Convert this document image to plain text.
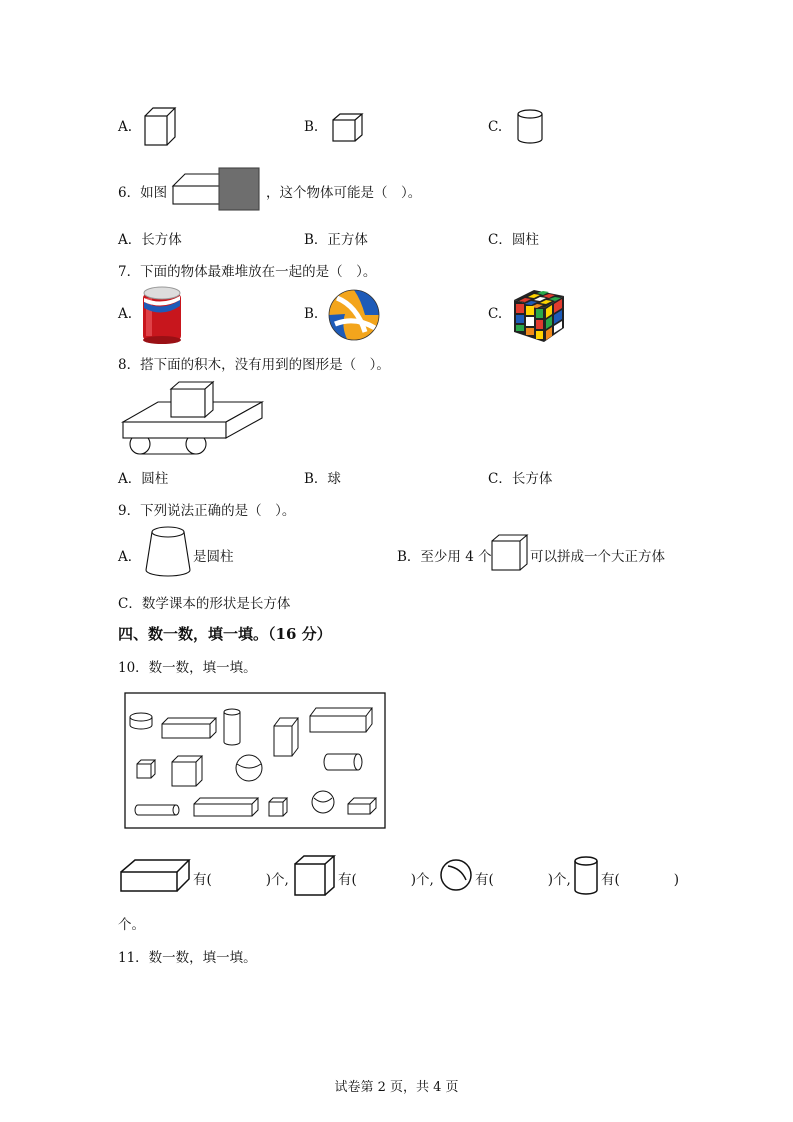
A.	B.	C.
6．如图	，这个物体可能是（　）。
A．长方体	B．正方体	C．圆柱
7．下面的物体最难堆放在一起的是（　）。
A.	B.	C.
8．搭下面的积木，没有用到的图形是（　）。
A．圆柱	B．球	C．长方体
9．下列说法正确的是（　）。
A．	是圆柱	B．至少用 4 个	可以拼成一个大正方体
C．数学课本的形状是长方体
四、数一数，填一填。（16 分）
10．数一数，填一填。
有(　　　　)个,	有(　　　　)个,	有(　　　　)个, 有(　　　　)
个。
11．数一数，填一填。
试卷第 2 页，共 4 页
